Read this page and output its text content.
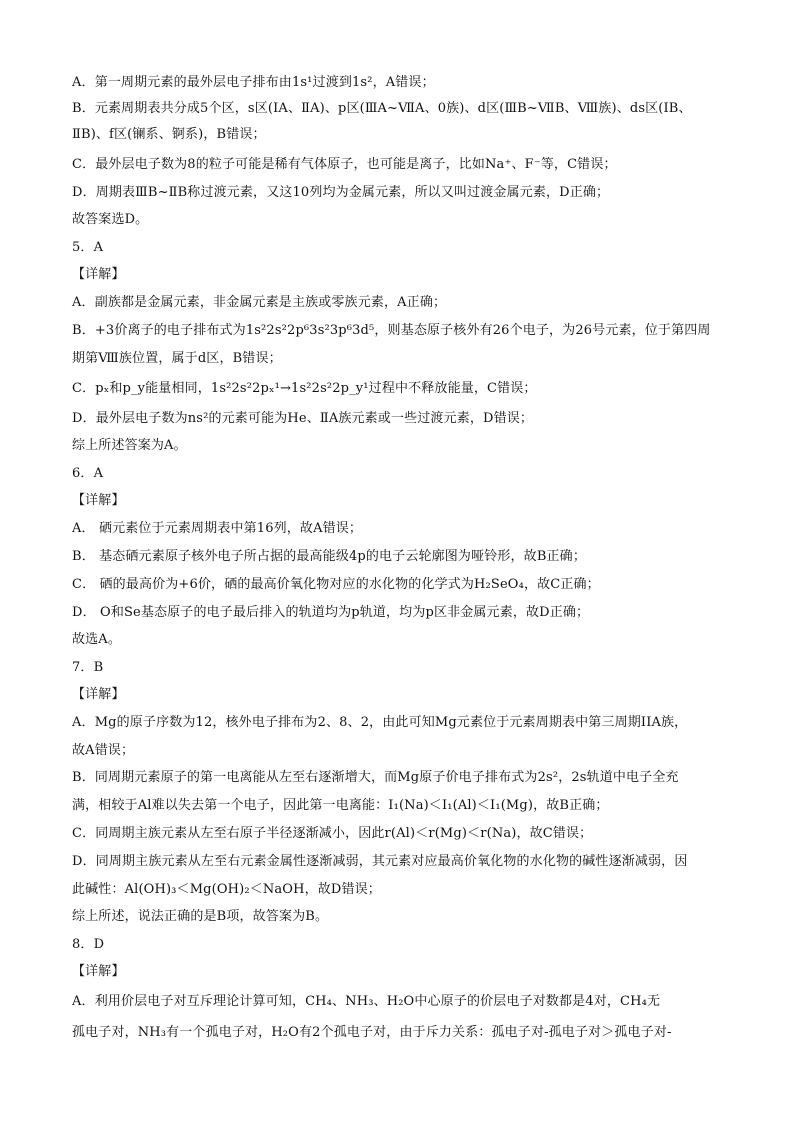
A．第一周期元素的最外层电子排布由1s¹过渡到1s²，A错误；
B．元素周期表共分成5个区，s区(ⅠA、ⅡA)、p区(ⅢA~ⅦA、0族)、d区(ⅢB~ⅦB、Ⅷ族)、ds区(ⅠB、
ⅡB)、f区(镧系、锕系)，B错误；
C．最外层电子数为8的粒子可能是稀有气体原子，也可能是离子，比如Na⁺、F⁻等，C错误；
D．周期表ⅢB~ⅡB称过渡元素，又这10列均为金属元素，所以又叫过渡金属元素，D正确；
故答案选D。
5．A
【详解】
A．副族都是金属元素，非金属元素是主族或零族元素，A正确；
B．+3价离子的电子排布式为1s²2s²2p⁶3s²3p⁶3d⁵，则基态原子核外有26个电子，为26号元素，位于第四周
期第Ⅷ族位置，属于d区，B错误；
C．pₓ和p_y能量相同，1s²2s²2pₓ¹→1s²2s²2p_y¹过程中不释放能量，C错误；
D．最外层电子数为ns²的元素可能为He、ⅡA族元素或一些过渡元素，D错误；
综上所述答案为A。
6．A
【详解】
A． 硒元素位于元素周期表中第16列，故A错误；
B． 基态硒元素原子核外电子所占据的最高能级4p的电子云轮廓图为哑铃形，故B正确；
C． 硒的最高价为+6价，硒的最高价氧化物对应的水化物的化学式为H₂SeO₄，故C正确；
D． O和Se基态原子的电子最后排入的轨道均为p轨道，均为p区非金属元素，故D正确；
故选A。
7．B
【详解】
A．Mg的原子序数为12，核外电子排布为2、8、2，由此可知Mg元素位于元素周期表中第三周期IIA族，
故A错误；
B．同周期元素原子的第一电离能从左至右逐渐增大，而Mg原子价电子排布式为2s²，2s轨道中电子全充
满，相较于Al难以失去第一个电子，因此第一电离能：I₁(Na)＜I₁(Al)＜I₁(Mg)，故B正确；
C．同周期主族元素从左至右原子半径逐渐减小，因此r(Al)＜r(Mg)＜r(Na)，故C错误；
D．同周期主族元素从左至右元素金属性逐渐减弱，其元素对应最高价氧化物的水化物的碱性逐渐减弱，因
此碱性：Al(OH)₃＜Mg(OH)₂＜NaOH，故D错误；
综上所述，说法正确的是B项，故答案为B。
8．D
【详解】
A．利用价层电子对互斥理论计算可知，CH₄、NH₃、H₂O中心原子的价层电子对数都是4对，CH₄无
孤电子对，NH₃有一个孤电子对，H₂O有2个孤电子对，由于斥力关系：孤电子对-孤电子对＞孤电子对-
